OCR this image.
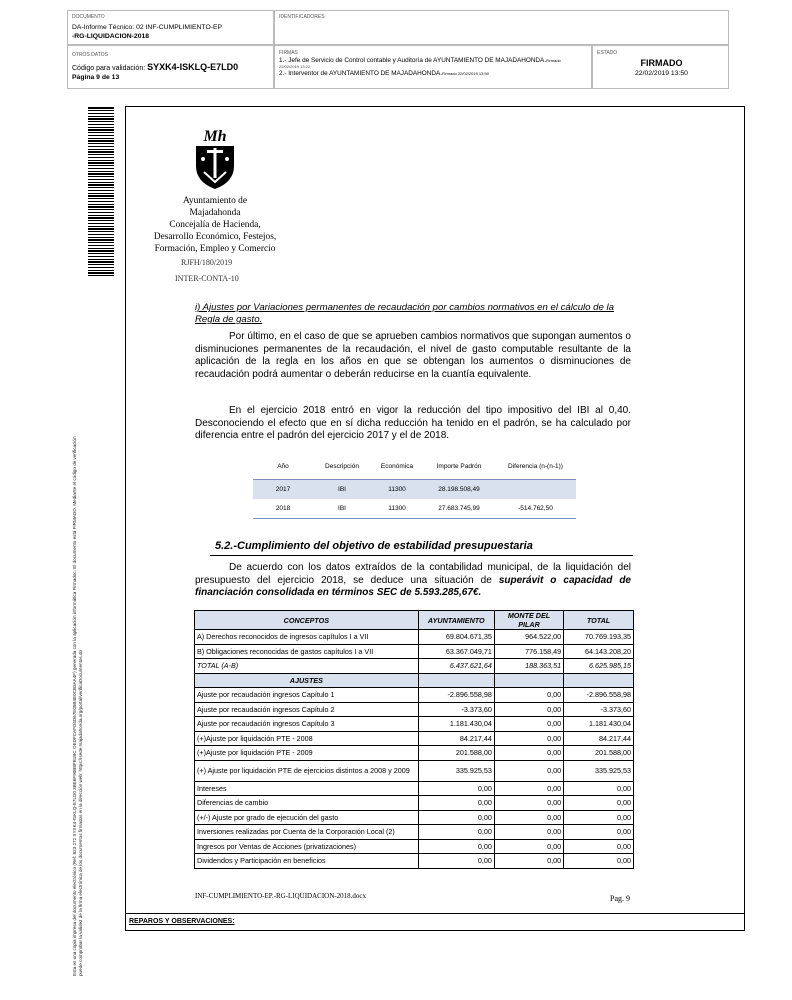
DOCUMENTO
DA-Informe Técnico: 02 INF-CUMPLIMIENTO-EP
-RG-LIQUIDACION-2018
IDENTIFICADORES
OTROS DATOS
Código para validación: SYXK4-ISKLQ-E7LD0
Página 9 de 13
FIRMAS
1.- Jefe de Servicio de Control contable y Auditoría de AYUNTAMIENTO DE MAJADAHONDA.Firmado
22/02/2019 13:22
2.- Interventor de AYUNTAMIENTO DE MAJADAHONDA.Firmado 22/02/2019 13:50
ESTADO
FIRMADO
22/02/2019 13:50
Esta es una copia impresa del documento electrónico (Ref: 823 272 SYXK4-ISKLQ-E7LD0 3BE6F90B8FB1BC OEDFCAFD4D67E05B4E0CB3AA4F) generada con la aplicación informática Firmadoc. El documento está FIRMADO. Mediante el código de verificación puede comprobar la validez de la firma electrónica de los documentos firmados en la dirección web: https://sede.majadahonda.org/portal/verificaDocumentos.do
Mh
Ayuntamiento de
Majadahonda
Concejalía de Hacienda,
Desarrollo Económico, Festejos,
Formación, Empleo y Comercio
RJFH/180/2019
INTER-CONTA-10
i) Ajustes por Variaciones permanentes de recaudación por cambios normativos en el cálculo de la Regla de gasto.
Por último, en el caso de que se aprueben cambios normativos que supongan aumentos o disminuciones permanentes de la recaudación, el nivel de gasto computable resultante de la aplicación de la regla en los años en que se obtengan los aumentos o disminuciones de recaudación podrá aumentar o deberán reducirse en la cuantía equivalente.
En el ejercicio 2018 entró en vigor la reducción del tipo impositivo del IBI al 0,40. Desconociendo el efecto que en sí dicha reducción ha tenido en el padrón, se ha calculado por diferencia entre el padrón del ejercicio 2017 y el de 2018.
Año	Descripción	Económica	Importe Padrón	Diferencia (n-(n-1))
2017	IBI	11300	28.198.508,49	
2018	IBI	11300	27.683.745,99	-514.762,50
5.2.-Cumplimiento del objetivo de estabilidad presupuestaria
De acuerdo con los datos extraídos de la contabilidad municipal, de la liquidación del presupuesto del ejercicio 2018, se deduce una situación de superávit o capacidad de financiación consolidada en términos SEC de 5.593.285,67€.
CONCEPTOS	AYUNTAMIENTO	MONTE DEL PILAR	TOTAL
A) Derechos reconocidos de ingresos capítulos I a VII	69.804.671,35	964.522,00	70.769.193,35
B) Obligaciones reconocidas de gastos capítulos I a VII	63.367.049,71	776.158,49	64.143.208,20
TOTAL (A-B)	6.437.621,64	188.363,51	6.625.985,15
AJUSTES			
Ajuste por recaudación ingresos Capítulo 1	-2.896.558,98	0,00	-2.896.558,98
Ajuste por recaudación ingresos Capítulo 2	-3.373,60	0,00	-3.373,60
Ajuste por recaudación ingresos Capítulo 3	1.181.430,04	0,00	1.181.430,04
(+)Ajuste por liquidación PTE - 2008	84.217,44	0,00	84.217,44
(+)Ajuste por liquidación PTE - 2009	201.588,00	0,00	201.588,00
(+) Ajuste por liquidación PTE de ejercicios distintos a 2008 y 2009	335.925,53	0,00	335.925,53
Intereses	0,00	0,00	0,00
Diferencias de cambio	0,00	0,00	0,00
(+/-) Ajuste por grado de ejecución del gasto	0,00	0,00	0,00
Inversiones realizadas por Cuenta de la Corporación Local (2)	0,00	0,00	0,00
Ingresos por Ventas de Acciones (privatizaciones)	0,00	0,00	0,00
Dividendos y Participación en beneficios	0,00	0,00	0,00
INF-CUMPLIMIENTO-EP.-RG-LIQUIDACION-2018.docx	Pag. 9
REPAROS Y OBSERVACIONES:
